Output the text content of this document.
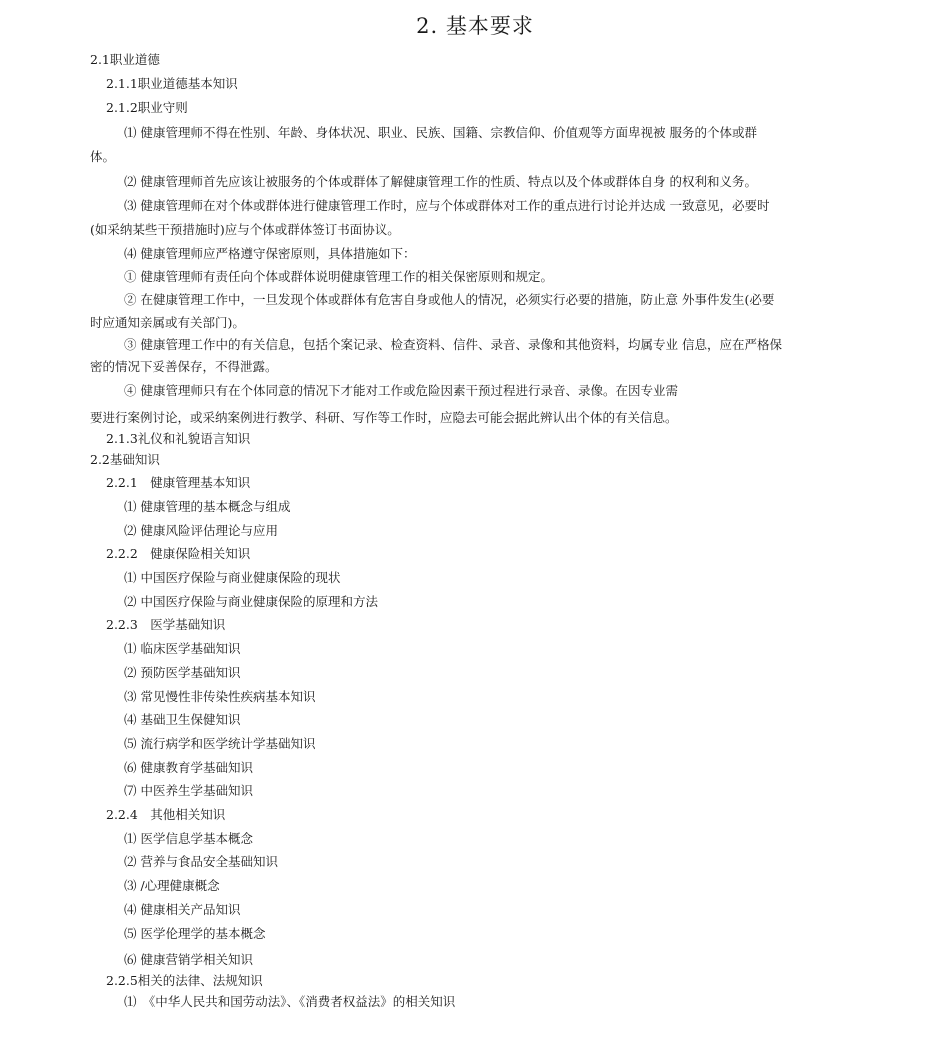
2. 基本要求
2.1职业道德
2.1.1职业道德基本知识
2.1.2职业守则
⑴ 健康管理师不得在性别、年龄、身体状况、职业、民族、国籍、宗教信仰、价值观等方面卑视被 服务的个体或群
体。
⑵ 健康管理师首先应该让被服务的个体或群体了解健康管理工作的性质、特点以及个体或群体自身 的权利和义务。
⑶ 健康管理师在对个体或群体进行健康管理工作时，应与个体或群体对工作的重点进行讨论并达成 一致意见，必要时
(如采纳某些干预措施时)应与个体或群体签订书面协议。
⑷ 健康管理师应严格遵守保密原则，具体措施如下：
① 健康管理师有责任向个体或群体说明健康管理工作的相关保密原则和规定。
② 在健康管理工作中，一旦发现个体或群体有危害自身或他人的情况，必须实行必要的措施，防止意 外事件发生(必要
时应通知亲属或有关部门)。
③ 健康管理工作中的有关信息，包括个案记录、检查资料、信件、录音、录像和其他资料，均属专业 信息，应在严格保
密的情况下妥善保存，不得泄露。
④ 健康管理师只有在个体同意的情况下才能对工作或危险因素干预过程进行录音、录像。在因专业需
要进行案例讨论，或采纳案例进行教学、科研、写作等工作时，应隐去可能会据此辨认出个体的有关信息。
2.1.3礼仪和礼貌语言知识
2.2基础知识
2.2.1　健康管理基本知识
⑴ 健康管理的基本概念与组成
⑵ 健康风险评估理论与应用
2.2.2　健康保险相关知识
⑴ 中国医疗保险与商业健康保险的现状
⑵ 中国医疗保险与商业健康保险的原理和方法
2.2.3　医学基础知识
⑴ 临床医学基础知识
⑵ 预防医学基础知识
⑶ 常见慢性非传染性疾病基本知识
⑷ 基础卫生保健知识
⑸ 流行病学和医学统计学基础知识
⑹ 健康教育学基础知识
⑺ 中医养生学基础知识
2.2.4　其他相关知识
⑴ 医学信息学基本概念
⑵ 营养与食品安全基础知识
⑶ /心理健康概念
⑷ 健康相关产品知识
⑸ 医学伦理学的基本概念
⑹ 健康营销学相关知识
2.2.5相关的法律、法规知识
⑴　《中华人民共和国劳动法》、《消费者权益法》的相关知识
